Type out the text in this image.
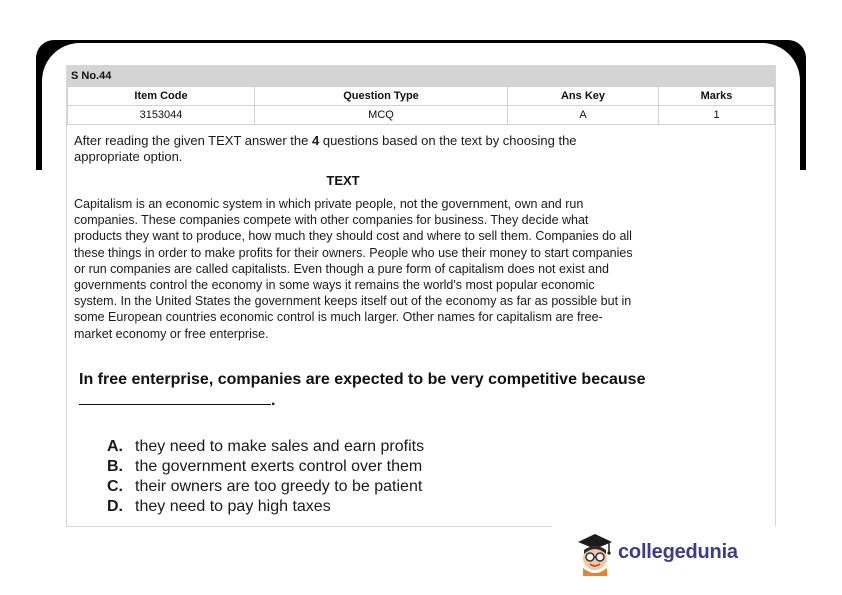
S No.44
Item Code	Question Type	Ans Key	Marks
3153044	MCQ	A	1
After reading the given TEXT answer the 4 questions based on the text by choosing the appropriate option.
TEXT
Capitalism is an economic system in which private people, not the government, own and run companies. These companies compete with other companies for business. They decide what products they want to produce, how much they should cost and where to sell them. Companies do all these things in order to make profits for their owners. People who use their money to start companies or run companies are called capitalists. Even though a pure form of capitalism does not exist and governments control the economy in some ways it remains the world's most popular economic system. In the United States the government keeps itself out of the economy as far as possible but in some European countries economic control is much larger. Other names for capitalism are free-market economy or free enterprise.
In free enterprise, companies are expected to be very competitive because
.
A. they need to make sales and earn profits
B. the government exerts control over them
C. their owners are too greedy to be patient
D. they need to pay high taxes
collegedunia
